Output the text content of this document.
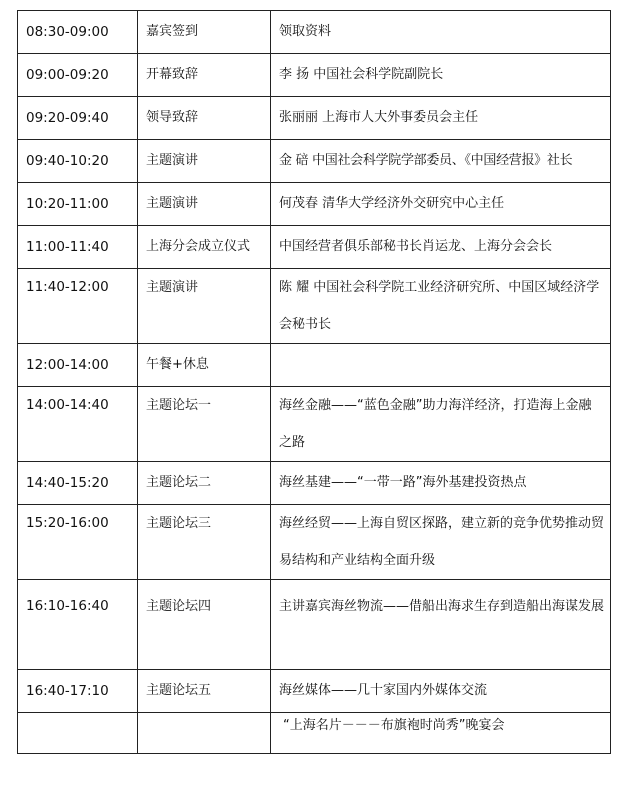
08:30-09:00	嘉宾签到	领取资料
09:00-09:20	开幕致辞	李 扬 中国社会科学院副院长
09:20-09:40	领导致辞	张丽丽 上海市人大外事委员会主任
09:40-10:20	主题演讲	金 碚 中国社会科学院学部委员、《中国经营报》社长
10:20-11:00	主题演讲	何茂春 清华大学经济外交研究中心主任
11:00-11:40	上海分会成立仪式	中国经营者俱乐部秘书长肖运龙、上海分会会长
11:40-12:00	主题演讲	陈 耀 中国社会科学院工业经济研究所、中国区域经济学会秘书长
12:00-14:00	午餐+休息	
14:00-14:40	主题论坛一	海丝金融——“蓝色金融”助力海洋经济，打造海上金融之路
14:40-15:20	主题论坛二	海丝基建——“一带一路”海外基建投资热点
15:20-16:00	主题论坛三	海丝经贸——上海自贸区探路，建立新的竞争优势推动贸易结构和产业结构全面升级
16:10-16:40	主题论坛四	主讲嘉宾海丝物流——借船出海求生存到造船出海谋发展
16:40-17:10	主题论坛五	海丝媒体——几十家国内外媒体交流
		“上海名片－－－布旗袍时尚秀”晚宴会
